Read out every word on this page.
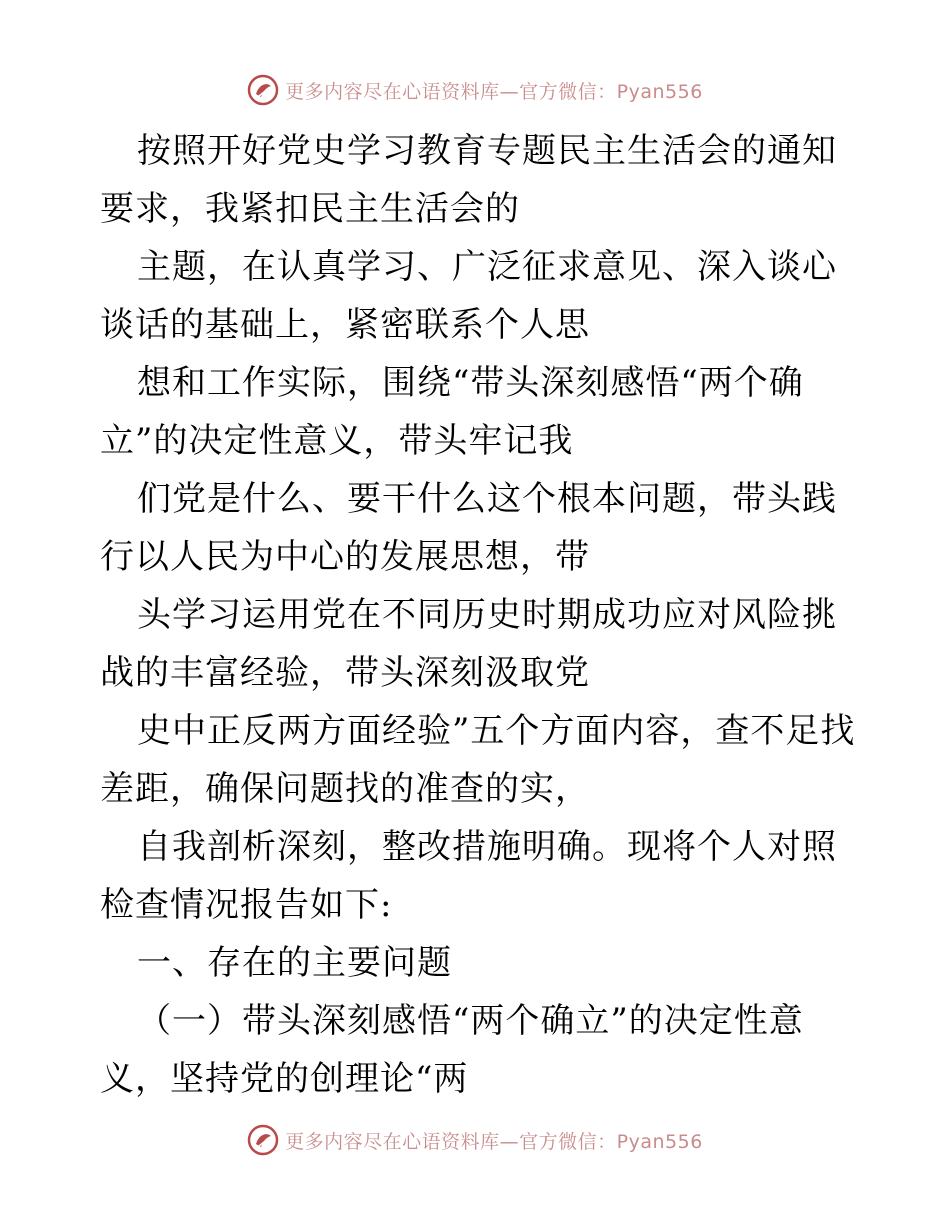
更多内容尽在心语资料库—官方微信：Pyan556

按照开好党史学习教育专题民主生活会的通知要求，我紧扣民主生活会的

主题，在认真学习、广泛征求意见、深入谈心谈话的基础上，紧密联系个人思

想和工作实际，围绕“带头深刻感悟“两个确立”的决定性意义，带头牢记我

们党是什么、要干什么这个根本问题，带头践行以人民为中心的发展思想，带

头学习运用党在不同历史时期成功应对风险挑战的丰富经验，带头深刻汲取党

史中正反两方面经验”五个方面内容，查不足找差距，确保问题找的准查的实，

自我剖析深刻，整改措施明确。现将个人对照检查情况报告如下:

一、存在的主要问题

（一）带头深刻感悟“两个确立”的决定性意义，坚持党的创理论“两

更多内容尽在心语资料库—官方微信：Pyan556
